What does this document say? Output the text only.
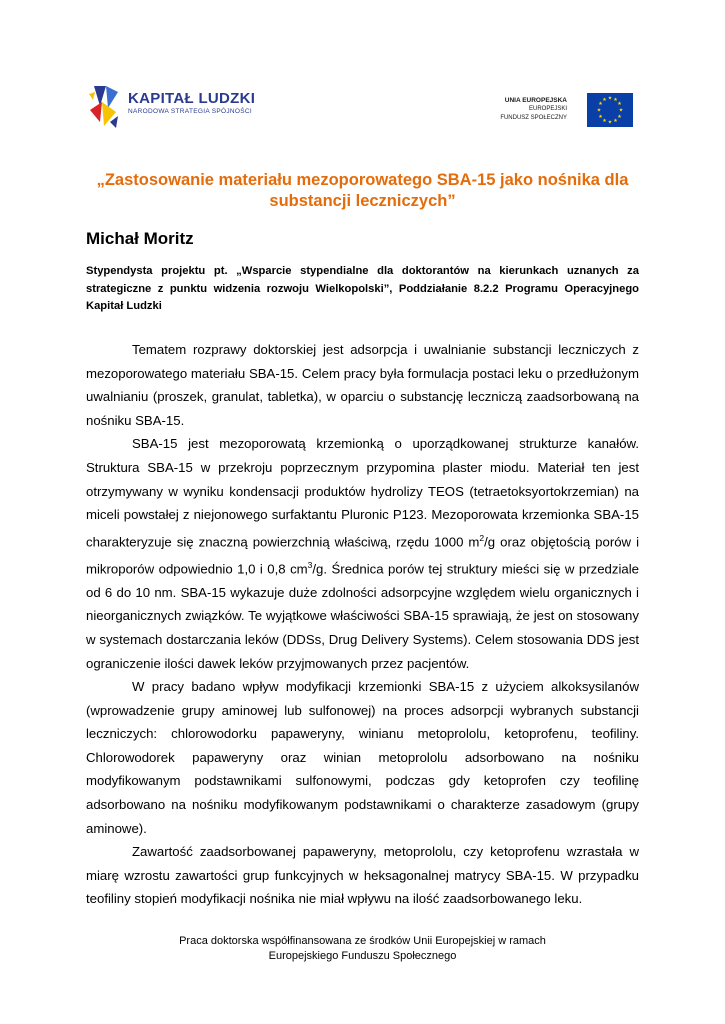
KAPITAŁ LUDZKI
NARODOWA STRATEGIA SPÓJNOŚCI
UNIA EUROPEJSKA
EUROPEJSKI
FUNDUSZ SPOŁECZNY
★ ★
★
★
★
★
★
★
★
★
★
★
„Zastosowanie materiału mezoporowatego SBA-15 jako nośnika dla substancji leczniczych”
Michał Moritz
Stypendysta projektu pt. „Wsparcie stypendialne dla doktorantów na kierunkach uznanych za strategiczne z punktu widzenia rozwoju Wielkopolski”, Poddziałanie 8.2.2 Programu Operacyjnego Kapitał Ludzki

Tematem rozprawy doktorskiej jest adsorpcja i uwalnianie substancji leczniczych z mezoporowatego materiału SBA-15. Celem pracy była formulacja postaci leku o przedłużonym uwalnianiu (proszek, granulat, tabletka), w oparciu o substancję leczniczą zaadsorbowaną na nośniku SBA-15.

SBA-15 jest mezoporowatą krzemionką o uporządkowanej strukturze kanałów. Struktura SBA-15 w przekroju poprzecznym przypomina plaster miodu. Materiał ten jest otrzymywany w wyniku kondensacji produktów hydrolizy TEOS (tetraetoksyortokrzemian) na miceli powstałej z niejonowego surfaktantu Pluronic P123. Mezoporowata krzemionka SBA-15 charakteryzuje się znaczną powierzchnią właściwą, rzędu 1000 $m^2/g$ oraz objętością porów i mikroporów odpowiednio 1,0 i 0,8 $cm^3/g$. Średnica porów tej struktury mieści się w przedziale od 6 do 10 nm. SBA-15 wykazuje duże zdolności adsorpcyjne względem wielu organicznych i nieorganicznych związków. Te wyjątkowe właściwości SBA-15 sprawiają, że jest on stosowany w systemach dostarczania leków (DDSs, Drug Delivery Systems). Celem stosowania DDS jest ograniczenie ilości dawek leków przyjmowanych przez pacjentów.

W pracy badano wpływ modyfikacji krzemionki SBA-15 z użyciem alkoksysilanów (wprowadzenie grupy aminowej lub sulfonowej) na proces adsorpcji wybranych substancji leczniczych: chlorowodorku papaweryny, winianu metoprololu, ketoprofenu, teofiliny. Chlorowodorek papaweryny oraz winian metoprololu adsorbowano na nośniku modyfikowanym podstawnikami sulfonowymi, podczas gdy ketoprofen czy teofilinę adsorbowano na nośniku modyfikowanym podstawnikami o charakterze zasadowym (grupy aminowe).

Zawartość zaadsorbowanej papaweryny, metoprololu, czy ketoprofenu wzrastała w miarę wzrostu zawartości grup funkcyjnych w heksagonalnej matrycy SBA-15. W przypadku teofiliny stopień modyfikacji nośnika nie miał wpływu na ilość zaadsorbowanego leku.

Praca doktorska współfinansowana ze środków Unii Europejskiej w ramach
Europejskiego Funduszu Społecznego
